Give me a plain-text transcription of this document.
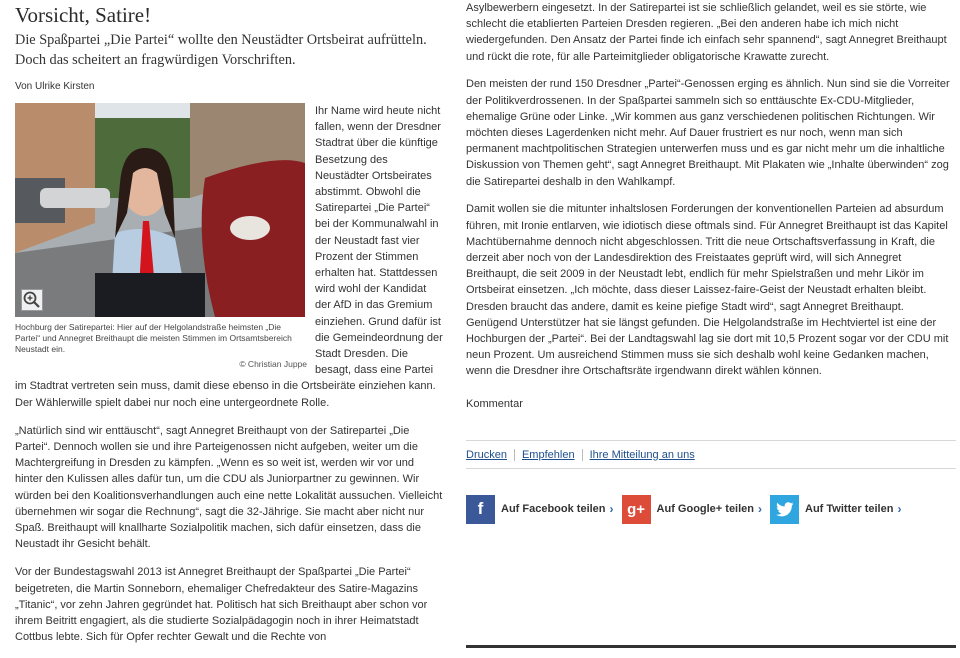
Vorsicht, Satire!

Die Spaßpartei „Die Partei“ wollte den Neustädter Ortsbeirat aufrütteln. Doch das scheitert an fragwürdigen Vorschriften.

Von Ulrike Kirsten

Hochburg der Satirepartei: Hier auf der Helgolandstraße heimsten „Die Partei“ und Annegret Breithaupt die meisten Stimmen im Ortsamtsbereich Neustadt ein.
© Christian Juppe

Ihr Name wird heute nicht fallen, wenn der Dresdner Stadtrat über die künftige Besetzung des Neustädter Ortsbeirates abstimmt. Obwohl die Satirepartei „Die Partei“ bei der Kommunalwahl in der Neustadt fast vier Prozent der Stimmen erhalten hat. Stattdessen wird wohl der Kandidat der AfD in das Gremium einziehen. Grund dafür ist die Gemeindeordnung der Stadt Dresden. Die besagt, dass eine Partei im Stadtrat vertreten sein muss, damit diese ebenso in die Ortsbeiräte einziehen kann. Der Wählerwille spielt dabei nur noch eine untergeordnete Rolle.

„Natürlich sind wir enttäuscht“, sagt Annegret Breithaupt von der Satirepartei „Die Partei“. Dennoch wollen sie und ihre Parteigenossen nicht aufgeben, weiter um die Machtergreifung in Dresden zu kämpfen. „Wenn es so weit ist, werden wir vor und hinter den Kulissen alles dafür tun, um die CDU als Juniorpartner zu gewinnen. Wir würden bei den Koalitionsverhandlungen auch eine nette Lokalität aussuchen. Vielleicht übernehmen wir sogar die Rechnung“, sagt die 32-Jährige. Sie macht aber nicht nur Spaß. Breithaupt will knallharte Sozialpolitik machen, sich dafür einsetzen, dass die Neustadt ihr Gesicht behält.

Vor der Bundestagswahl 2013 ist Annegret Breithaupt der Spaßpartei „Die Partei“ beigetreten, die Martin Sonneborn, ehemaliger Chefredakteur des Satire-Magazins „Titanic“, vor zehn Jahren gegründet hat. Politisch hat sich Breithaupt aber schon vor ihrem Beitritt engagiert, als die studierte Sozialpädagogin noch in ihrer Heimatstadt Cottbus lebte. Sich für Opfer rechter Gewalt und die Rechte von

Asylbewerbern eingesetzt. In der Satirepartei ist sie schließlich gelandet, weil es sie störte, wie schlecht die etablierten Parteien Dresden regieren. „Bei den anderen habe ich mich nicht wiedergefunden. Den Ansatz der Partei finde ich einfach sehr spannend“, sagt Annegret Breithaupt und rückt die rote, für alle Parteimitglieder obligatorische Krawatte zurecht.

Den meisten der rund 150 Dresdner „Partei“-Genossen erging es ähnlich. Nun sind sie die Vorreiter der Politikverdrossenen. In der Spaßpartei sammeln sich so enttäuschte Ex-CDU-Mitglieder, ehemalige Grüne oder Linke. „Wir kommen aus ganz verschiedenen politischen Richtungen. Wir möchten dieses Lagerdenken nicht mehr. Auf Dauer frustriert es nur noch, wenn man sich permanent machtpolitischen Strategien unterwerfen muss und es gar nicht mehr um die inhaltliche Diskussion von Themen geht“, sagt Annegret Breithaupt. Mit Plakaten wie „Inhalte überwinden“ zog die Satirepartei deshalb in den Wahlkampf.

Damit wollen sie die mitunter inhaltslosen Forderungen der konventionellen Parteien ad absurdum führen, mit Ironie entlarven, wie idiotisch diese oftmals sind. Für Annegret Breithaupt ist das Kapitel Machtübernahme dennoch nicht abgeschlossen. Tritt die neue Ortschaftsverfassung in Kraft, die derzeit aber noch von der Landesdirektion des Freistaates geprüft wird, will sich Annegret Breithaupt, die seit 2009 in der Neustadt lebt, endlich für mehr Spielstraßen und mehr Likör im Ortsbeirat einsetzen. „Ich möchte, dass dieser Laissez-faire-Geist der Neustadt erhalten bleibt. Dresden braucht das andere, damit es keine piefige Stadt wird“, sagt Annegret Breithaupt. Genügend Unterstützer hat sie längst gefunden. Die Helgolandstraße im Hechtviertel ist eine der Hochburgen der „Partei“. Bei der Landtagswahl lag sie dort mit 10,5 Prozent sogar vor der CDU mit neun Prozent. Um ausreichend Stimmen muss sie sich deshalb wohl keine Gedanken machen, wenn die Dresdner ihre Ortschaftsräte irgendwann direkt wählen können.

Kommentar
Drucken Empfehlen Ihre Mitteilung an uns
f Auf Facebook teilen › g+ Auf Google+ teilen ›	Auf Twitter teilen ›
